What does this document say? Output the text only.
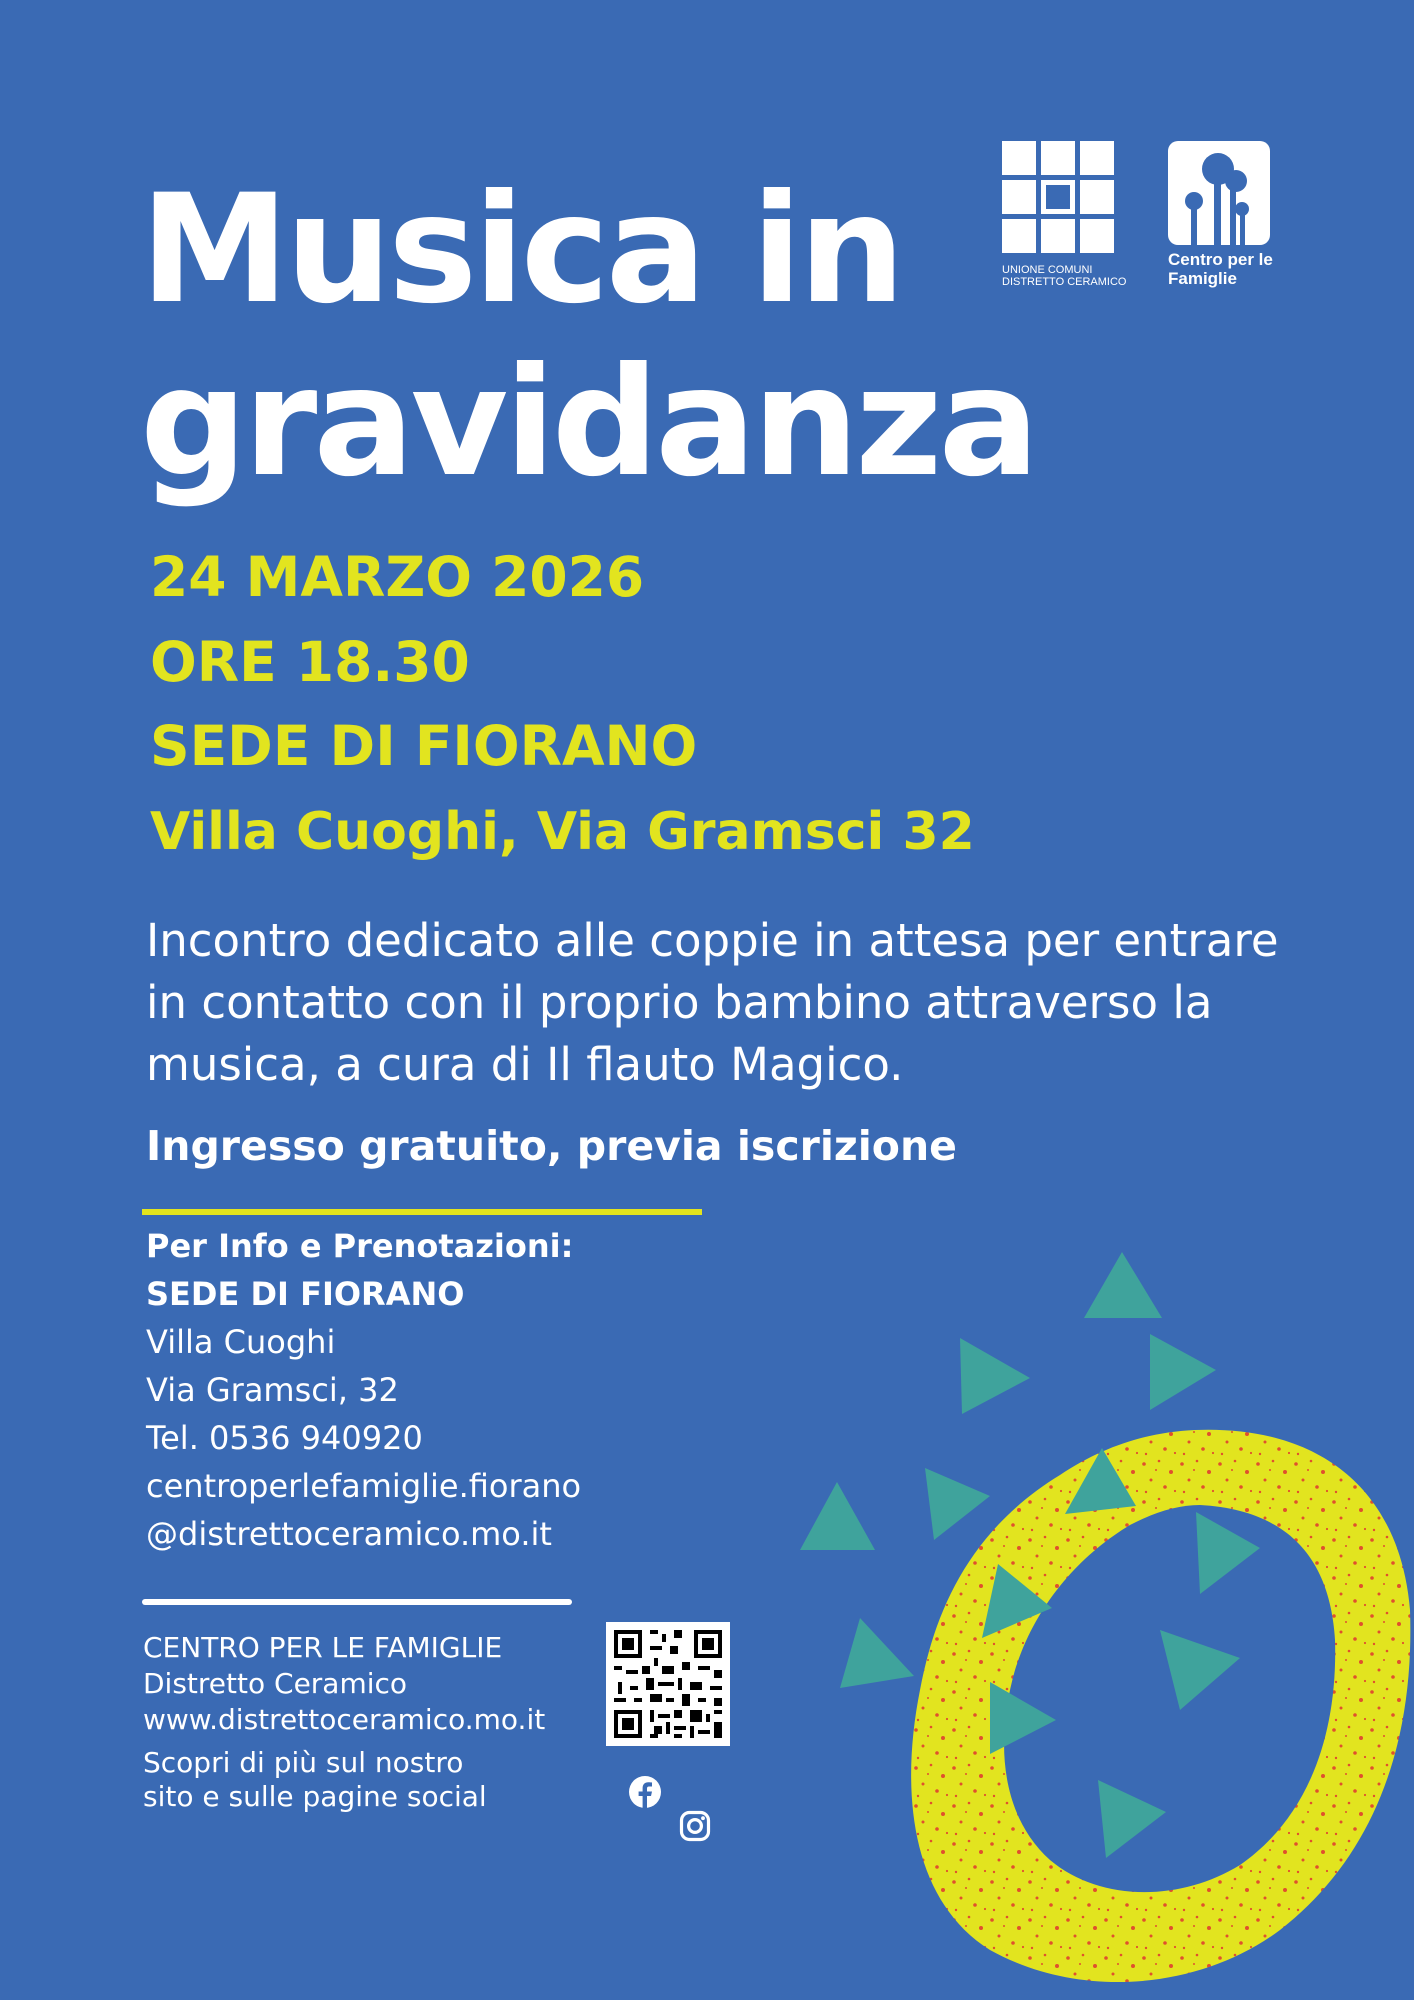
UNIONE COMUNI
DISTRETTO CERAMICO
Centro per le
Famiglie
Musica in
gravidanza
24 MARZO 2026
ORE 18.30
SEDE DI FIORANO
Villa Cuoghi, Via Gramsci 32
Incontro dedicato alle coppie in attesa per entrare in contatto con il proprio bambino attraverso la musica, a cura di Il flauto Magico.
Ingresso gratuito, previa iscrizione
Per Info e Prenotazioni:
SEDE DI FIORANO
Villa Cuoghi
Via Gramsci, 32
Tel. 0536 940920
centroperlefamiglie.fiorano
@distrettoceramico.mo.it
CENTRO PER LE FAMIGLIE
Distretto Ceramico
www.distrettoceramico.mo.it
Scopri di più sul nostro
sito e sulle pagine social
